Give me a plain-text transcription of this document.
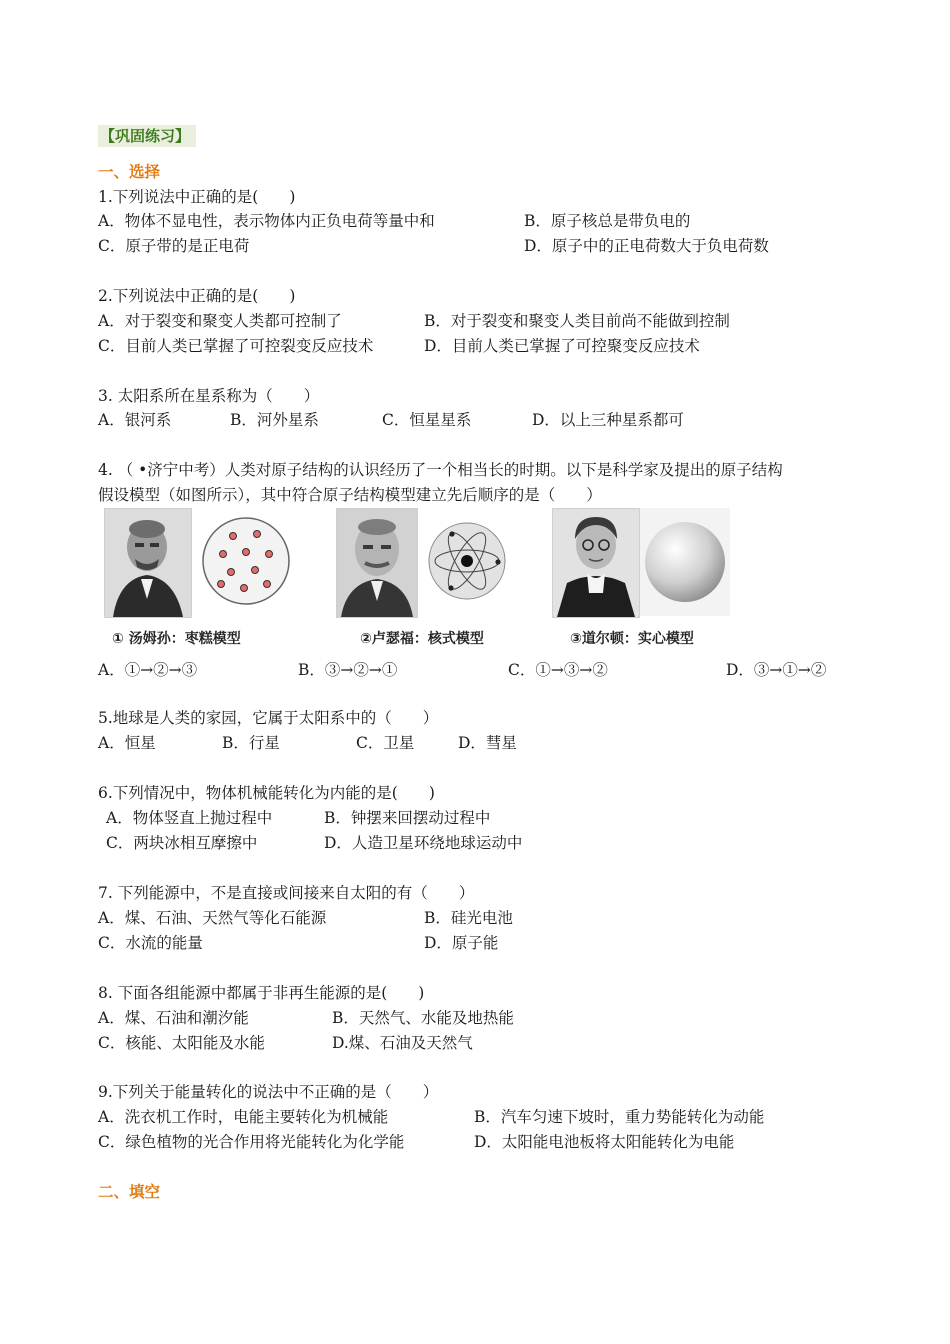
【巩固练习】
一、选择
1.下列说法中正确的是(　　)
A．物体不显电性，表示物体内正负电荷等量中和	B．原子核总是带负电的
C．原子带的是正电荷	D．原子中的正电荷数大于负电荷数
2.下列说法中正确的是(　　)
A．对于裂变和聚变人类都可控制了	B．对于裂变和聚变人类目前尚不能做到控制
C．目前人类已掌握了可控裂变反应技术	D．目前人类已掌握了可控聚变反应技术
3. 太阳系所在星系称为（　　）
A．银河系	B．河外星系	C．恒星星系	D．以上三种星系都可
4. （ •济宁中考）人类对原子结构的认识经历了一个相当长的时期。以下是科学家及提出的原子结构
假设模型（如图所示），其中符合原子结构模型建立先后顺序的是（　　）
① 汤姆孙：枣糕模型	②卢瑟福：核式模型	③道尔顿：实心模型
A．①→②→③	B．③→②→①	C．①→③→②	D．③→①→②
5.地球是人类的家园，它属于太阳系中的（　　）
A．恒星	B．行星	C．卫星	D．彗星
6.下列情况中，物体机械能转化为内能的是(　　)
A．物体竖直上抛过程中	B．钟摆来回摆动过程中
C．两块冰相互摩擦中	D．人造卫星环绕地球运动中
7. 下列能源中，不是直接或间接来自太阳的有（　　）
A．煤、石油、天然气等化石能源	B．硅光电池
C．水流的能量	D．原子能
8. 下面各组能源中都属于非再生能源的是(　　)
A．煤、石油和潮汐能	B．天然气、水能及地热能
C．核能、太阳能及水能	D.煤、石油及天然气
9.下列关于能量转化的说法中不正确的是（　　）
A．洗衣机工作时，电能主要转化为机械能	B．汽车匀速下坡时，重力势能转化为动能
C．绿色植物的光合作用将光能转化为化学能	D．太阳能电池板将太阳能转化为电能
二、填空
